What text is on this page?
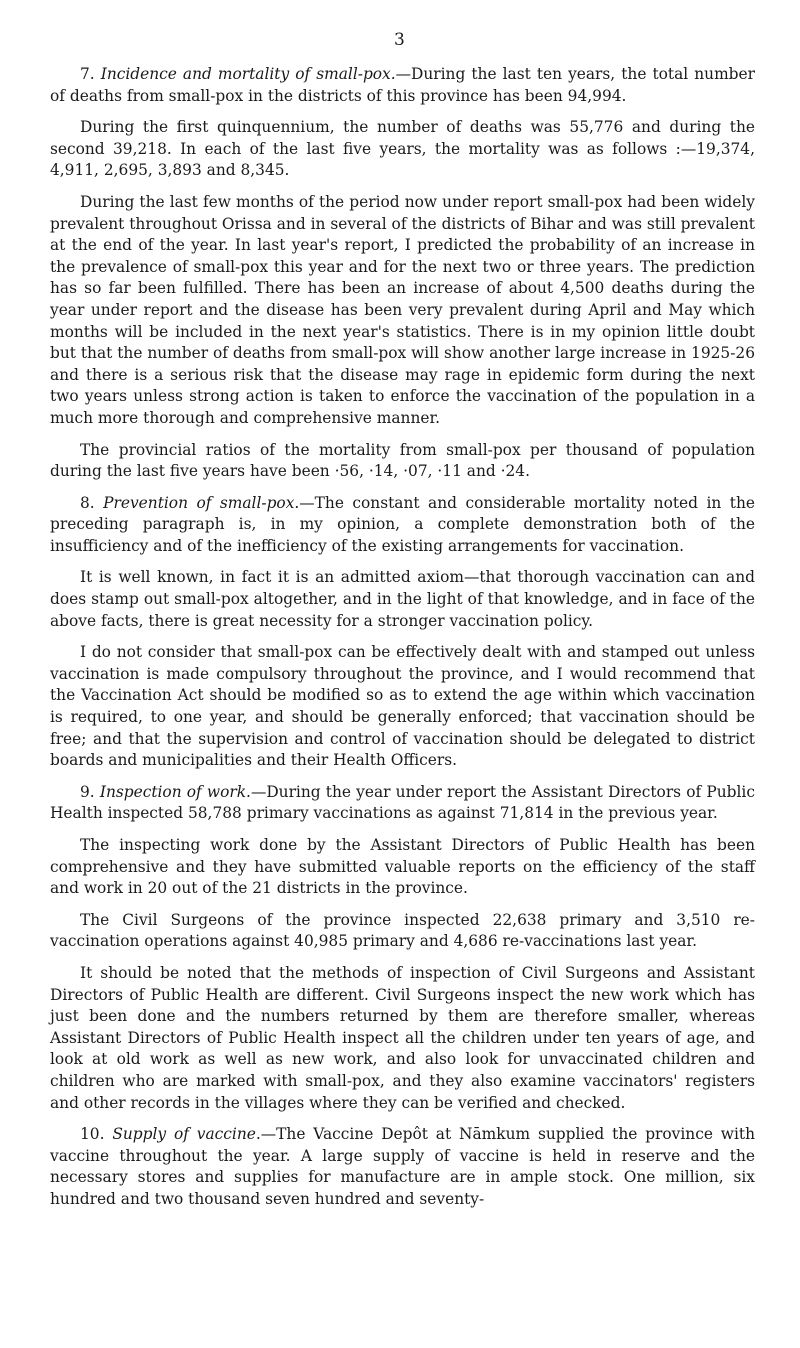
3

7. Incidence and mortality of small-pox.—During the last ten years, the total number of deaths from small-pox in the districts of this province has been 94,994.

During the first quinquennium, the number of deaths was 55,776 and during the second 39,218. In each of the last five years, the mortality was as follows :—19,374, 4,911, 2,695, 3,893 and 8,345.

During the last few months of the period now under report small-pox had been widely prevalent throughout Orissa and in several of the districts of Bihar and was still prevalent at the end of the year. In last year's report, I predicted the probability of an increase in the prevalence of small-pox this year and for the next two or three years. The prediction has so far been fulfilled. There has been an increase of about 4,500 deaths during the year under report and the disease has been very prevalent during April and May which months will be included in the next year's statistics. There is in my opinion little doubt but that the number of deaths from small-pox will show another large increase in 1925-26 and there is a serious risk that the disease may rage in epidemic form during the next two years unless strong action is taken to enforce the vaccination of the population in a much more thorough and comprehensive manner.

The provincial ratios of the mortality from small-pox per thousand of population during the last five years have been ·56, ·14, ·07, ·11 and ·24.

8. Prevention of small-pox.—The constant and considerable mortality noted in the preceding paragraph is, in my opinion, a complete demonstration both of the insufficiency and of the inefficiency of the existing arrangements for vaccination.

It is well known, in fact it is an admitted axiom—that thorough vaccination can and does stamp out small-pox altogether, and in the light of that knowledge, and in face of the above facts, there is great necessity for a stronger vaccination policy.

I do not consider that small-pox can be effectively dealt with and stamped out unless vaccination is made compulsory throughout the province, and I would recommend that the Vaccination Act should be modified so as to extend the age within which vaccination is required, to one year, and should be generally enforced; that vaccination should be free; and that the supervision and control of vaccination should be delegated to district boards and municipalities and their Health Officers.

9. Inspection of work.—During the year under report the Assistant Directors of Public Health inspected 58,788 primary vaccinations as against 71,814 in the previous year.

The inspecting work done by the Assistant Directors of Public Health has been comprehensive and they have submitted valuable reports on the efficiency of the staff and work in 20 out of the 21 districts in the province.

The Civil Surgeons of the province inspected 22,638 primary and 3,510 re-vaccination operations against 40,985 primary and 4,686 re-vaccinations last year.

It should be noted that the methods of inspection of Civil Surgeons and Assistant Directors of Public Health are different. Civil Surgeons inspect the new work which has just been done and the numbers returned by them are therefore smaller, whereas Assistant Directors of Public Health inspect all the children under ten years of age, and look at old work as well as new work, and also look for unvaccinated children and children who are marked with small-pox, and they also examine vaccinators' registers and other records in the villages where they can be verified and checked.

10. Supply of vaccine.—The Vaccine Depôt at Nāmkum supplied the province with vaccine throughout the year. A large supply of vaccine is held in reserve and the necessary stores and supplies for manufacture are in ample stock. One million, six hundred and two thousand seven hundred and seventy-
